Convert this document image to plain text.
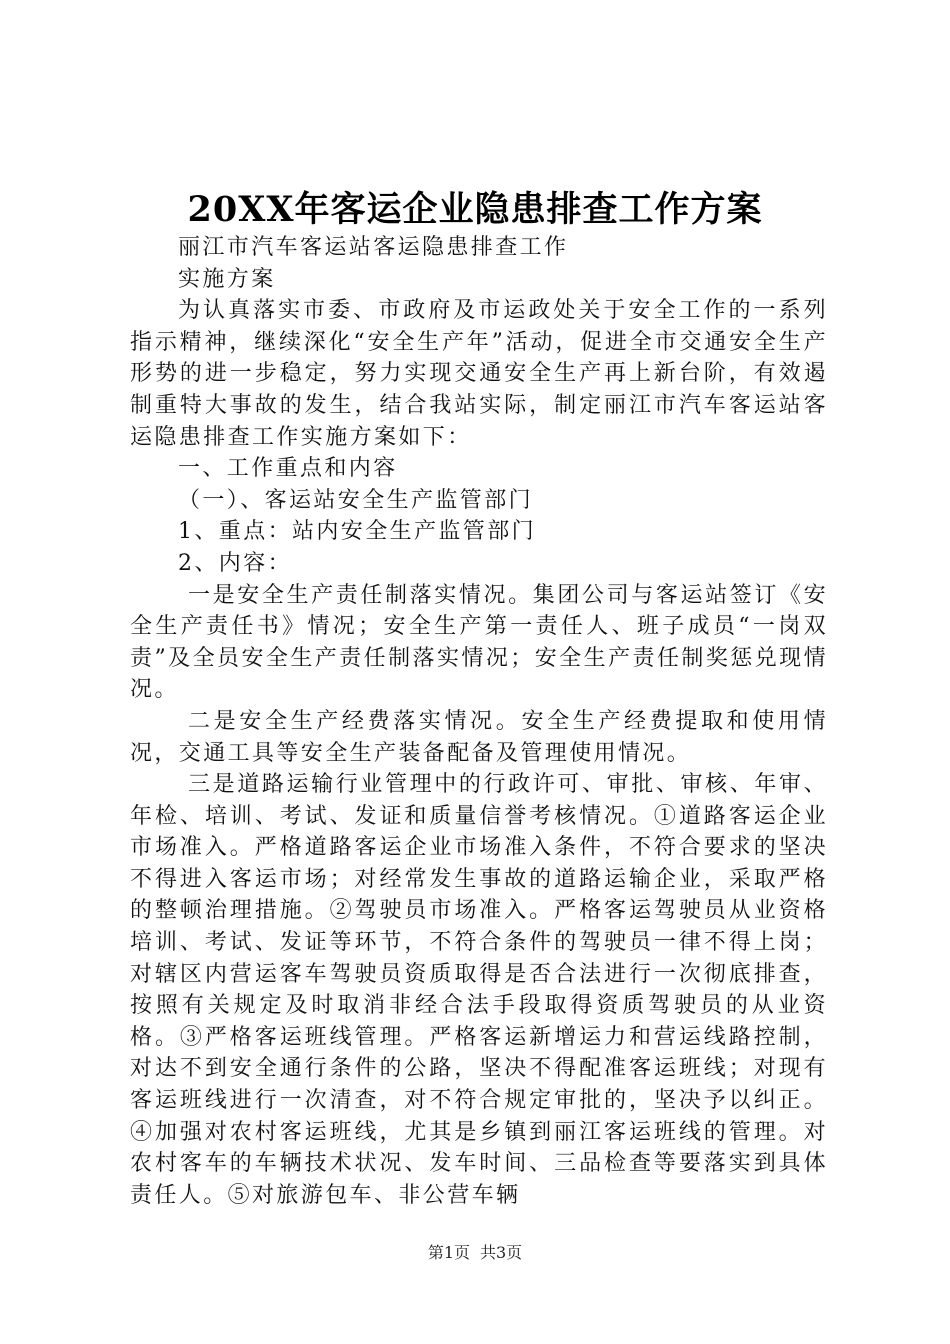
20XX年客运企业隐患排查工作方案

丽江市汽车客运站客运隐患排查工作

实施方案

为认真落实市委、市政府及市运政处关于安全工作的一系列指示精神，继续深化“安全生产年”活动，促进全市交通安全生产形势的进一步稳定，努力实现交通安全生产再上新台阶，有效遏制重特大事故的发生，结合我站实际，制定丽江市汽车客运站客运隐患排查工作实施方案如下：

一、工作重点和内容

（一）、客运站安全生产监管部门

1、重点：站内安全生产监管部门

2、内容：

一是安全生产责任制落实情况。集团公司与客运站签订《安全生产责任书》情况；安全生产第一责任人、班子成员“一岗双责”及全员安全生产责任制落实情况；安全生产责任制奖惩兑现情况。

二是安全生产经费落实情况。安全生产经费提取和使用情况，交通工具等安全生产装备配备及管理使用情况。

三是道路运输行业管理中的行政许可、审批、审核、年审、年检、培训、考试、发证和质量信誉考核情况。①道路客运企业市场准入。严格道路客运企业市场准入条件，不符合要求的坚决不得进入客运市场；对经常发生事故的道路运输企业，采取严格的整顿治理措施。②驾驶员市场准入。严格客运驾驶员从业资格培训、考试、发证等环节，不符合条件的驾驶员一律不得上岗；对辖区内营运客车驾驶员资质取得是否合法进行一次彻底排查，按照有关规定及时取消非经合法手段取得资质驾驶员的从业资格。③严格客运班线管理。严格客运新增运力和营运线路控制，对达不到安全通行条件的公路，坚决不得配准客运班线；对现有客运班线进行一次清查，对不符合规定审批的，坚决予以纠正。④加强对农村客运班线，尤其是乡镇到丽江客运班线的管理。对农村客车的车辆技术状况、发车时间、三品检查等要落实到具体责任人。⑤对旅游包车、非公营车辆

第1页 共3页
